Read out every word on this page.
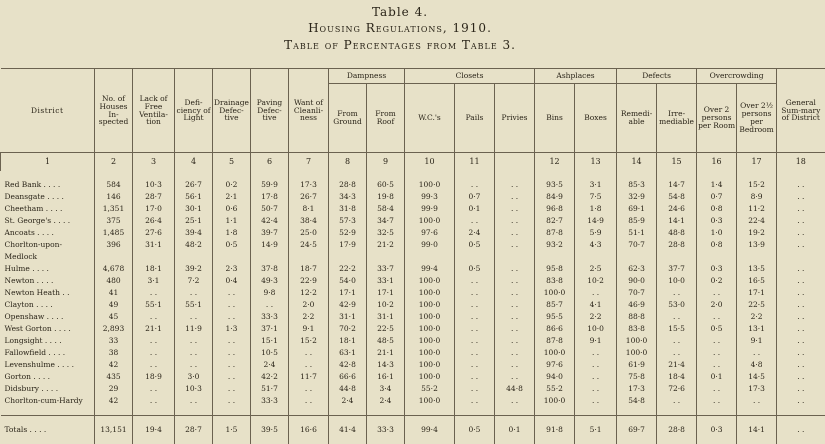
Table 4.
Housing Regulations, 1910.
Table of Percentages from Table 3.
1	2	3	4	5	6	7	8	9	10	11		12	13	14	15	16	17	18
District	No. of Houses In-spected	Lack of Free Ventila-tion	Defi-ciency of Light	Drainage Defec-tive	Paving Defec-tive	Want of Cleanli-ness	Dampness		Closets			Ashplaces		Defects		Overcrowding		General Sum-mary of District
							From Ground	From Roof	W.C.'s	Pails	Privies	Bins	Boxes	Remedi-able	Irre-mediable	Over 2 persons per Room	Over 2½ persons per Bedroom	

Red Bank . . . .	584	10·3	26·7	0·2	59·9	17·3	28·8	60·5	100·0	. .	. .	93·5	3·1	85·3	14·7	1·4	15·2	. .
Deansgate . . . .	146	28·7	56·1	2·1	17·8	26·7	34·3	19·8	99·3	0·7	. .	84·9	7·5	32·9	54·8	0·7	8·9	. .
Cheetham . . . .	1,351	17·0	30·1	0·6	50·7	8·1	31·8	58·4	99·9	0·1	. .	96·8	1·8	69·1	24·6	0·8	11·2	. .
St. George's . . . .	375	26·4	25·1	1·1	42·4	38·4	57·3	34·7	100·0	. .	. .	82·7	14·9	85·9	14·1	0·3	22·4	. .
Ancoats . . . .	1,485	27·6	39·4	1·8	39·7	25·0	52·9	32·5	97·6	2·4	. .	87·8	5·9	51·1	48·8	1·0	19·2	. .
Chorlton-upon-	396	31·1	48·2	0·5	14·9	24·5	17·9	21·2	99·0	0·5	. .	93·2	4·3	70·7	28·8	0·8	13·9	. .
Medlock																		
Hulme . . . .	4,678	18·1	39·2	2·3	37·8	18·7	22·2	33·7	99·4	0·5	. .	95·8	2·5	62·3	37·7	0·3	13·5	. .
Newton . . . .	480	3·1	7·2	0·4	49·3	22·9	54·0	33·1	100·0	. .	. .	83·8	10·2	90·0	10·0	0·2	16·5	. .
Newton Heath . .	41	. .	. .	. .	9·8	12·2	17·1	17·1	100·0	. .	. .	100·0	. .	70·7	. .	. .	17·1	. .
Clayton . . . .	49	55·1	55·1	. .	. .	2·0	42·9	10·2	100·0	. .	. .	85·7	4·1	46·9	53·0	2·0	22·5	. .
Openshaw . . . .	45	. .	. .	. .	33·3	2·2	31·1	31·1	100·0	. .	. .	95·5	2·2	88·8	. .	. .	2·2	. .
West Gorton . . . .	2,893	21·1	11·9	1·3	37·1	9·1	70·2	22·5	100·0	. .	. .	86·6	10·0	83·8	15·5	0·5	13·1	. .
Longsight . . . .	33	. .	. .	. .	15·1	15·2	18·1	48·5	100·0	. .	. .	87·8	9·1	100·0	. .	. .	9·1	. .
Fallowfield . . . .	38	. .	. .	. .	10·5	. .	63·1	21·1	100·0	. .	. .	100·0	. .	100·0	. .	. .	. .	. .
Levenshulme . . . .	42	. .	. .	. .	2·4	. .	42·8	14·3	100·0	. .	. .	97·6	. .	61·9	21·4	. .	4·8	. .
Gorton . . . .	435	18·9	3·0	. .	42·2	11·7	66·6	16·1	100·0	. .	. .	94·0	. .	75·8	18·4	0·1	14·5	. .
Didsbury . . . .	29	. .	10·3	. .	51·7	. .	44·8	3·4	55·2	. .	44·8	55·2	. .	17·3	72·6	. .	17·3	. .
Chorlton-cum-Hardy	42	. .	. .	. .	33·3	. .	2·4	2·4	100·0	. .	. .	100·0	. .	54·8	. .	. .	. .	. .

Totals . . . .	13,151	19·4	28·7	1·5	39·5	16·6	41·4	33·3	99·4	0·5	0·1	91·8	5·1	69·7	28·8	0·3	14·1	. .
